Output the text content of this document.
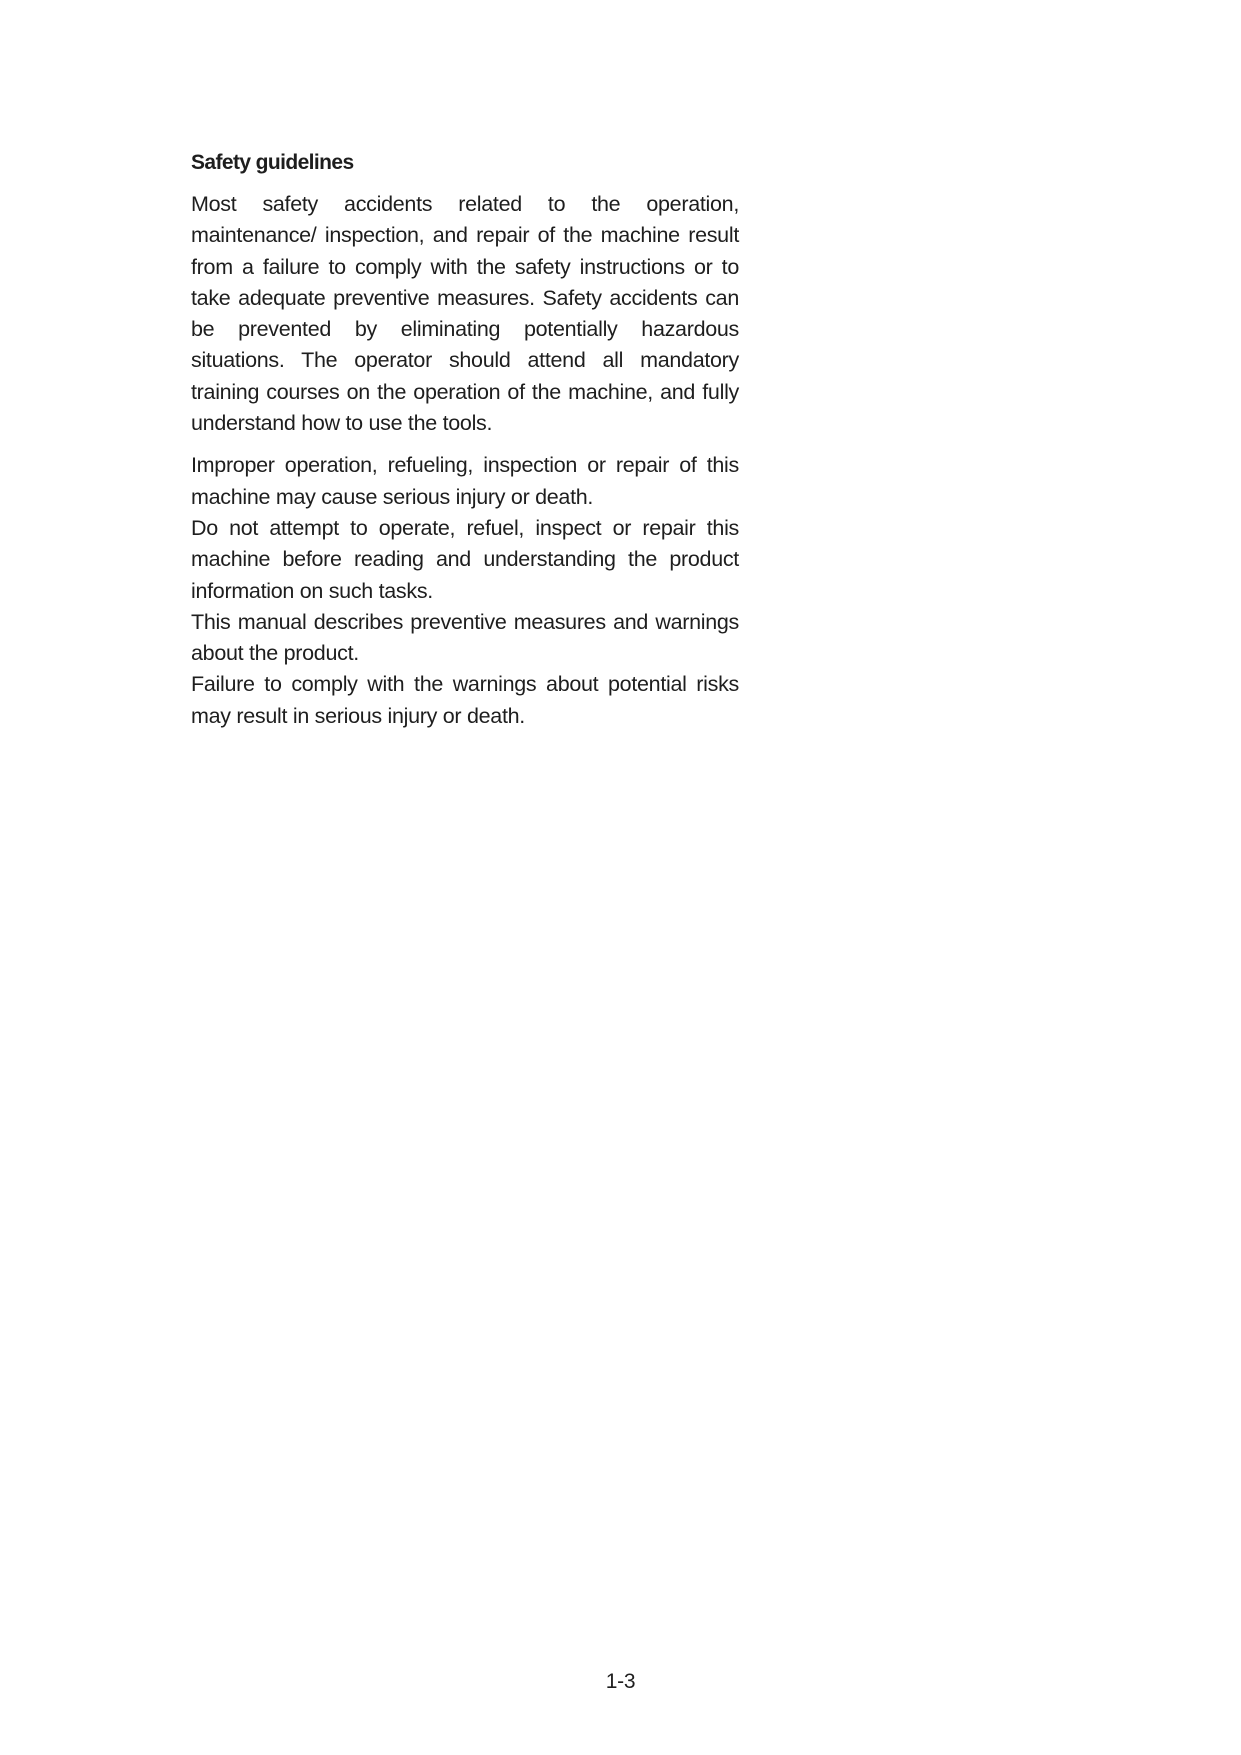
Safety guidelines

Most safety accidents related to the operation, maintenance/ inspection, and repair of the machine result from a failure to comply with the safety instructions or to take adequate preventive measures. Safety accidents can be prevented by eliminating potentially hazardous situations. The operator should attend all mandatory training courses on the operation of the machine, and fully understand how to use the tools.

Improper operation, refueling, inspection or repair of this machine may cause serious injury or death.

Do not attempt to operate, refuel, inspect or repair this machine before reading and understanding the product information on such tasks.

This manual describes preventive measures and warnings about the product.

Failure to comply with the warnings about potential risks may result in serious injury or death.

1-3
